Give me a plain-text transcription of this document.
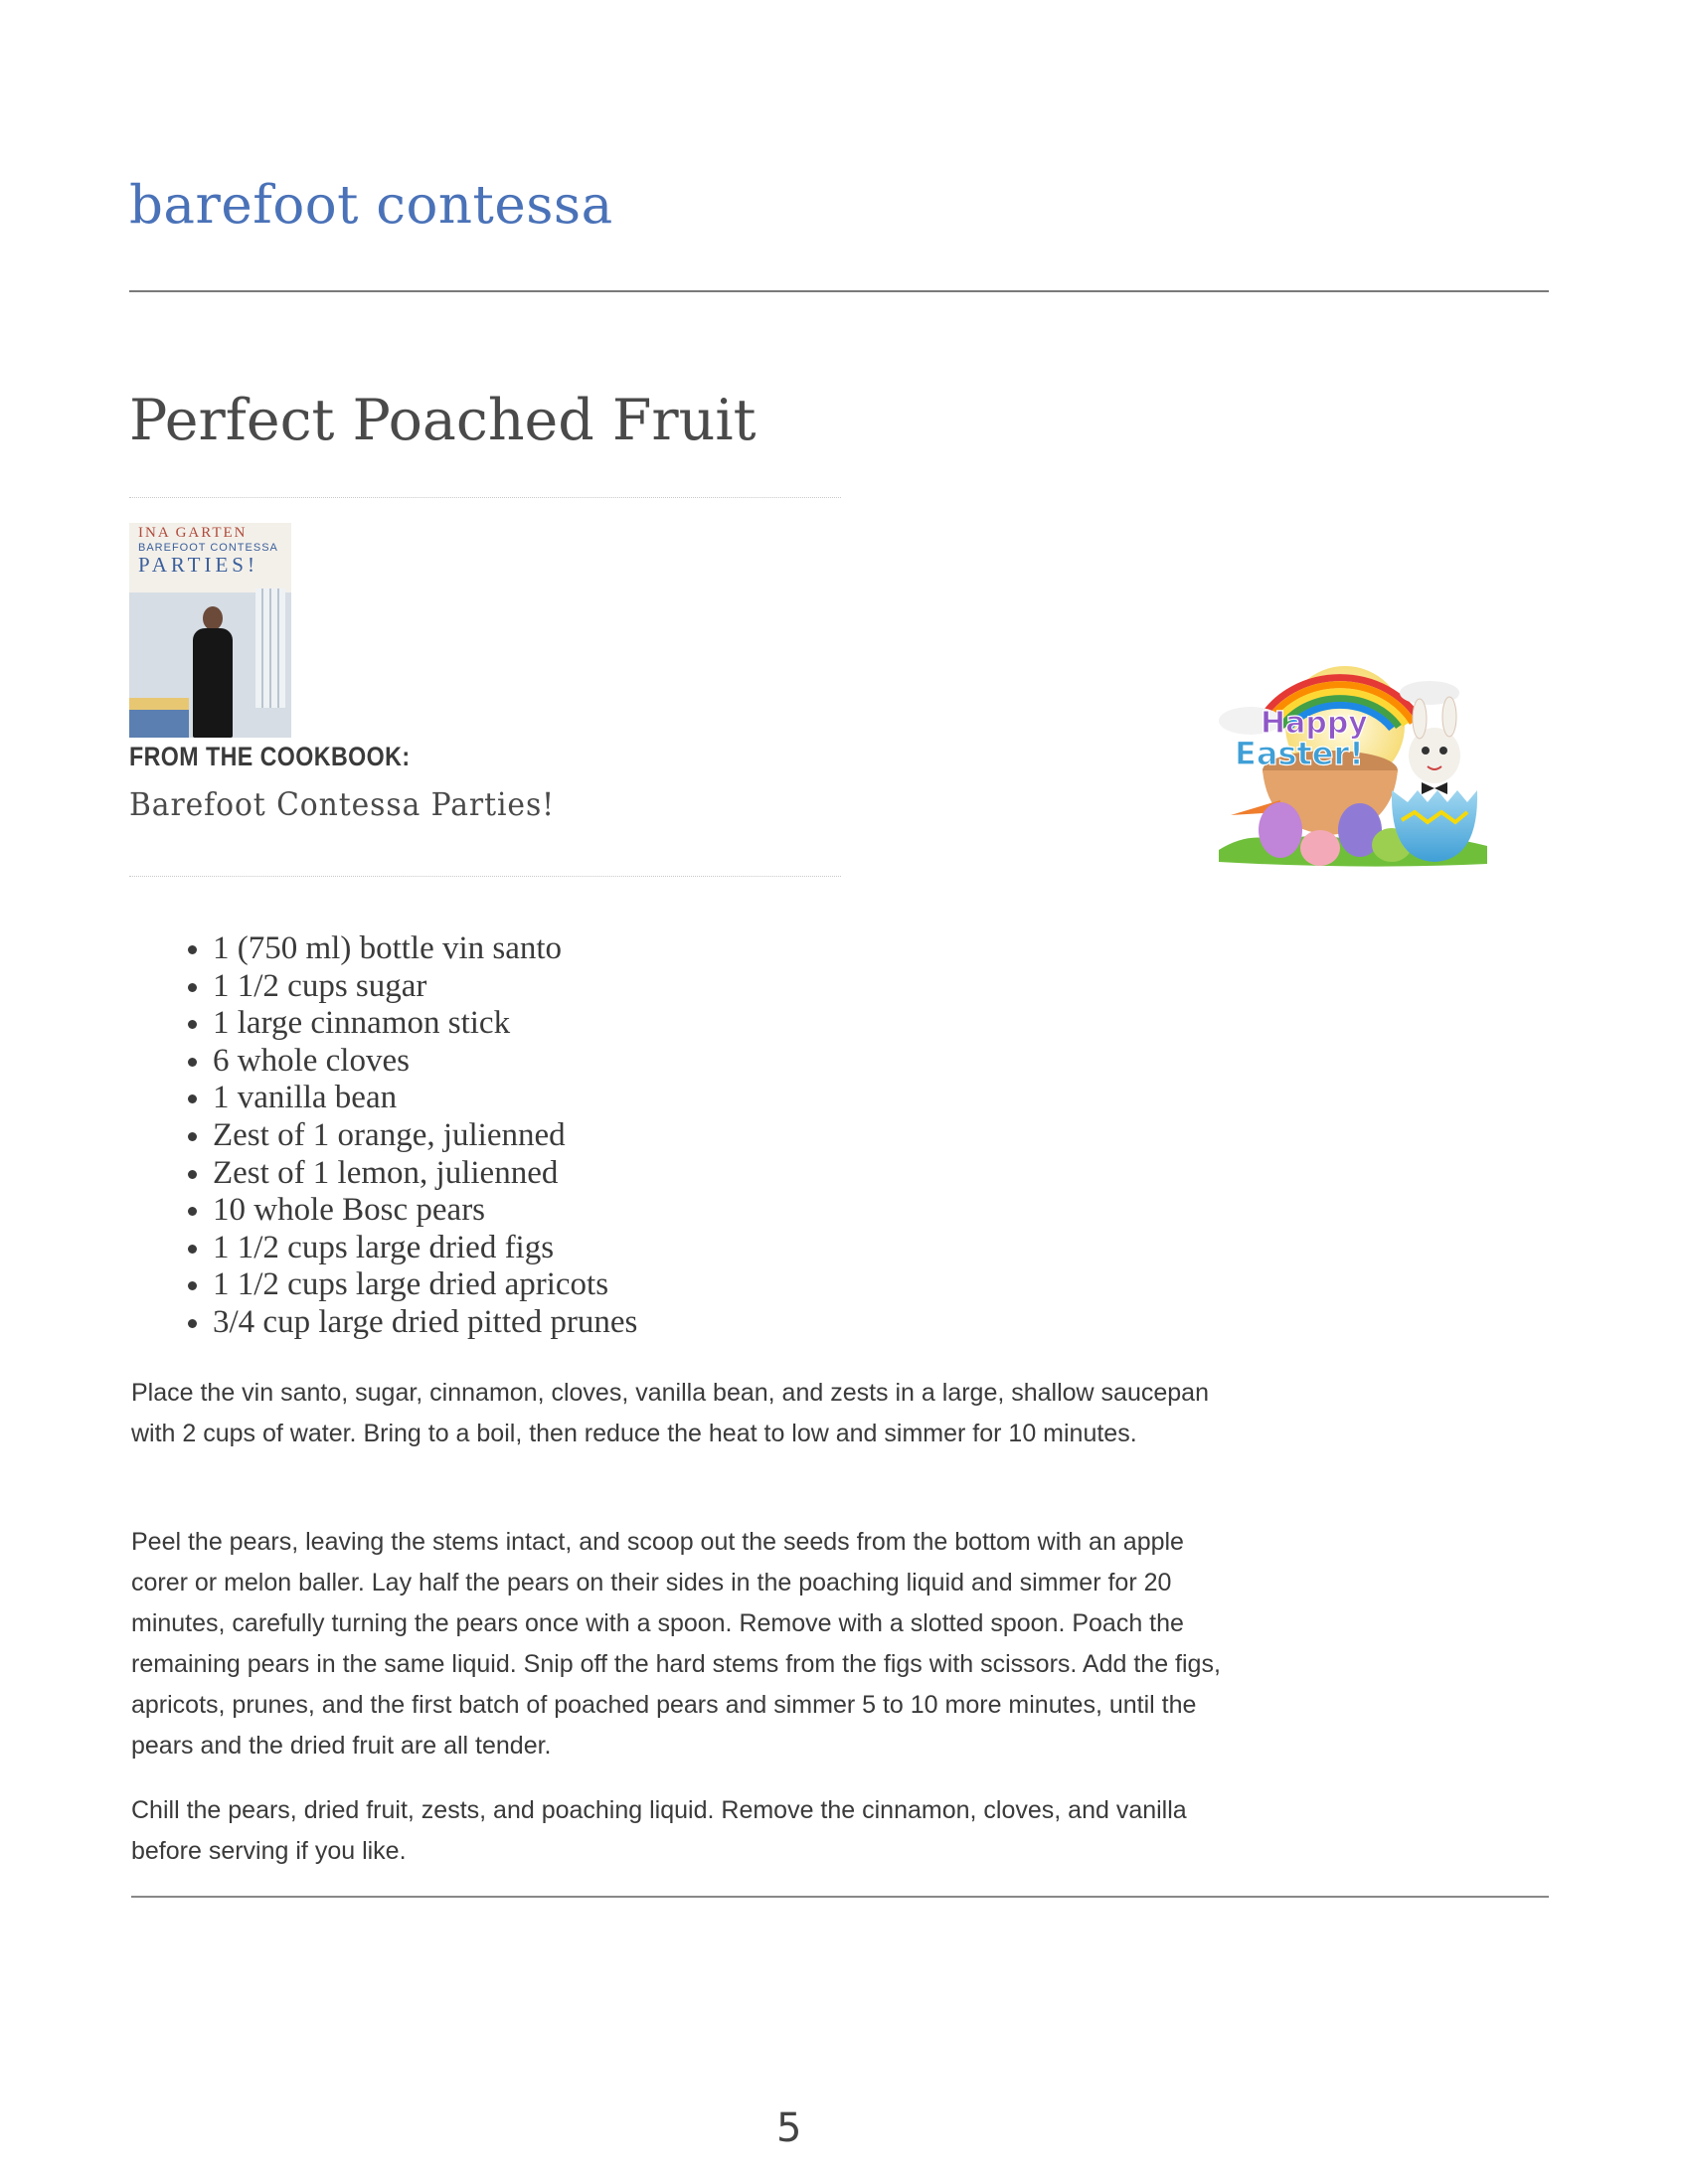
barefoot contessa
Perfect Poached Fruit
INA GARTEN
BAREFOOT CONTESSA
PARTIES!
FROM THE COOKBOOK:
Barefoot Contessa Parties!
Happy
Easter!
• 1 (750 ml) bottle vin santo
• 1 1/2 cups sugar
• 1 large cinnamon stick
• 6 whole cloves
• 1 vanilla bean
• Zest of 1 orange, julienned
• Zest of 1 lemon, julienned
• 10 whole Bosc pears
• 1 1/2 cups large dried figs
• 1 1/2 cups large dried apricots
• 3/4 cup large dried pitted prunes

Place the vin santo, sugar, cinnamon, cloves, vanilla bean, and zests in a large, shallow saucepan with 2 cups of water. Bring to a boil, then reduce the heat to low and simmer for 10 minutes.

Peel the pears, leaving the stems intact, and scoop out the seeds from the bottom with an apple corer or melon baller. Lay half the pears on their sides in the poaching liquid and simmer for 20 minutes, carefully turning the pears once with a spoon. Remove with a slotted spoon. Poach the remaining pears in the same liquid. Snip off the hard stems from the figs with scissors. Add the figs, apricots, prunes, and the first batch of poached pears and simmer 5 to 10 more minutes, until the pears and the dried fruit are all tender.

Chill the pears, dried fruit, zests, and poaching liquid. Remove the cinnamon, cloves, and vanilla before serving if you like.

5
